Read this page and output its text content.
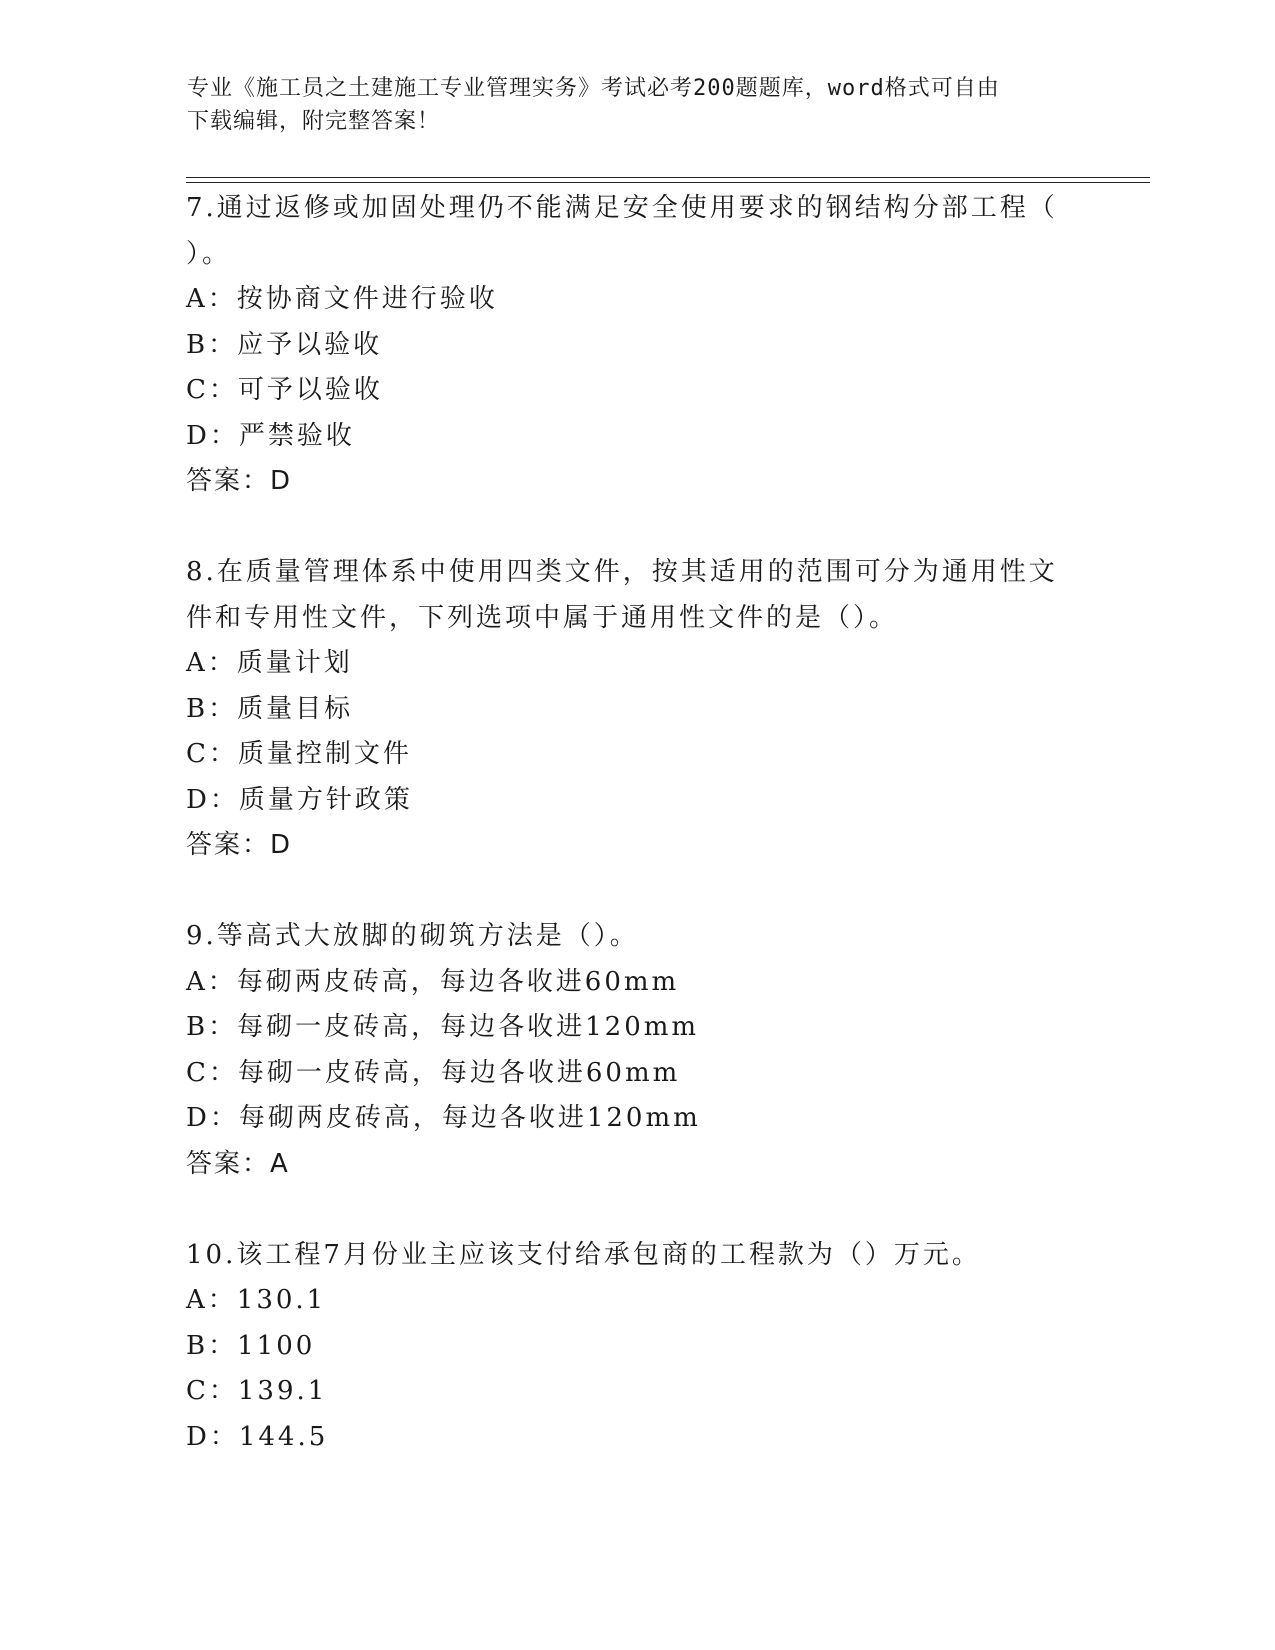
专业《施工员之土建施工专业管理实务》考试必考200题题库，word格式可自由
下载编辑，附完整答案！
7.通过返修或加固处理仍不能满足安全使用要求的钢结构分部工程（
）。
A：按协商文件进行验收
B：应予以验收
C：可予以验收
D：严禁验收
答案：D
8.在质量管理体系中使用四类文件，按其适用的范围可分为通用性文
件和专用性文件，下列选项中属于通用性文件的是（）。
A：质量计划
B：质量目标
C：质量控制文件
D：质量方针政策
答案：D
9.等高式大放脚的砌筑方法是（）。
A：每砌两皮砖高，每边各收进60mm
B：每砌一皮砖高，每边各收进120mm
C：每砌一皮砖高，每边各收进60mm
D：每砌两皮砖高，每边各收进120mm
答案：A
10.该工程7月份业主应该支付给承包商的工程款为（）万元。
A：130.1
B：1100
C：139.1
D：144.5
